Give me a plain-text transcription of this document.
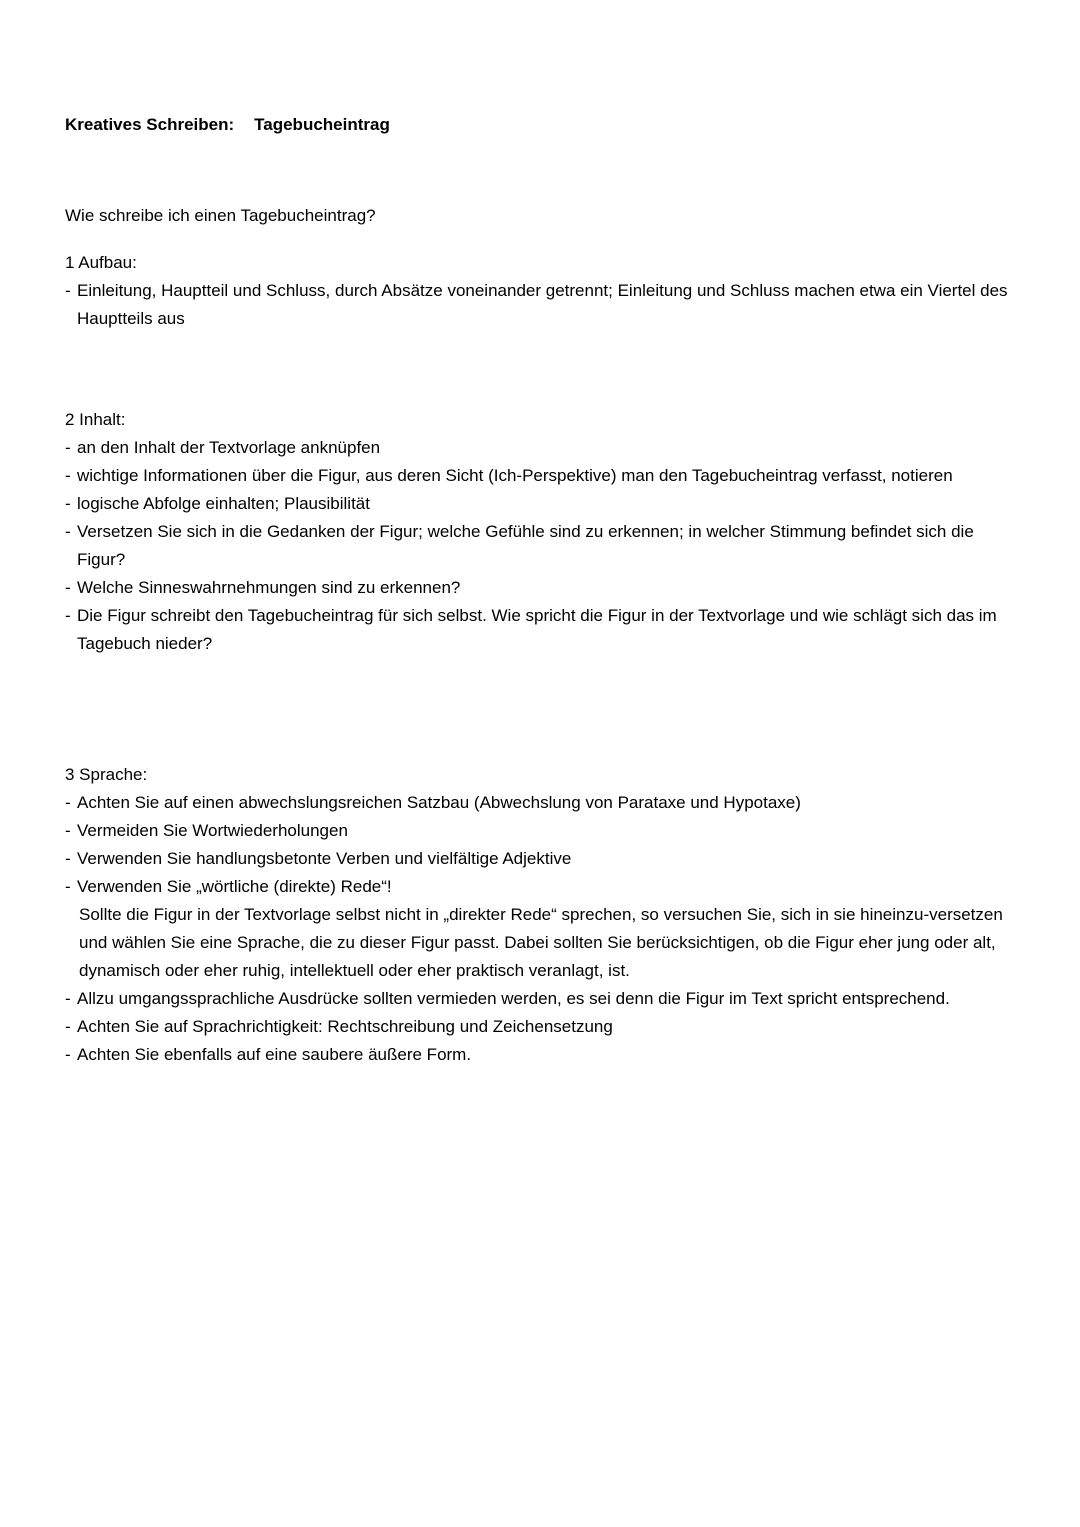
Kreatives Schreiben: Tagebucheintrag
Wie schreibe ich einen Tagebucheintrag?
1 Aufbau:
- Einleitung, Hauptteil und Schluss, durch Absätze voneinander getrennt; Einleitung und Schluss machen etwa ein Viertel des Hauptteils aus
2 Inhalt:
- an den Inhalt der Textvorlage anknüpfen
- wichtige Informationen über die Figur, aus deren Sicht (Ich-Perspektive) man den Tagebucheintrag verfasst, notieren
- logische Abfolge einhalten; Plausibilität
- Versetzen Sie sich in die Gedanken der Figur; welche Gefühle sind zu erkennen; in welcher Stimmung befindet sich die Figur?
- Welche Sinneswahrnehmungen sind zu erkennen?
- Die Figur schreibt den Tagebucheintrag für sich selbst. Wie spricht die Figur in der Textvorlage und wie schlägt sich das im Tagebuch nieder?
3 Sprache:
- Achten Sie auf einen abwechslungsreichen Satzbau (Abwechslung von Parataxe und Hypotaxe)
- Vermeiden Sie Wortwiederholungen
- Verwenden Sie handlungsbetonte Verben und vielfältige Adjektive
- Verwenden Sie „wörtliche (direkte) Rede“!
Sollte die Figur in der Textvorlage selbst nicht in „direkter Rede“ sprechen, so versuchen Sie, sich in sie hineinzu-versetzen und wählen Sie eine Sprache, die zu dieser Figur passt. Dabei sollten Sie berücksichtigen, ob die Figur eher jung oder alt, dynamisch oder eher ruhig, intellektuell oder eher praktisch veranlagt, ist.
- Allzu umgangssprachliche Ausdrücke sollten vermieden werden, es sei denn die Figur im Text spricht entsprechend.
- Achten Sie auf Sprachrichtigkeit: Rechtschreibung und Zeichensetzung
- Achten Sie ebenfalls auf eine saubere äußere Form.
